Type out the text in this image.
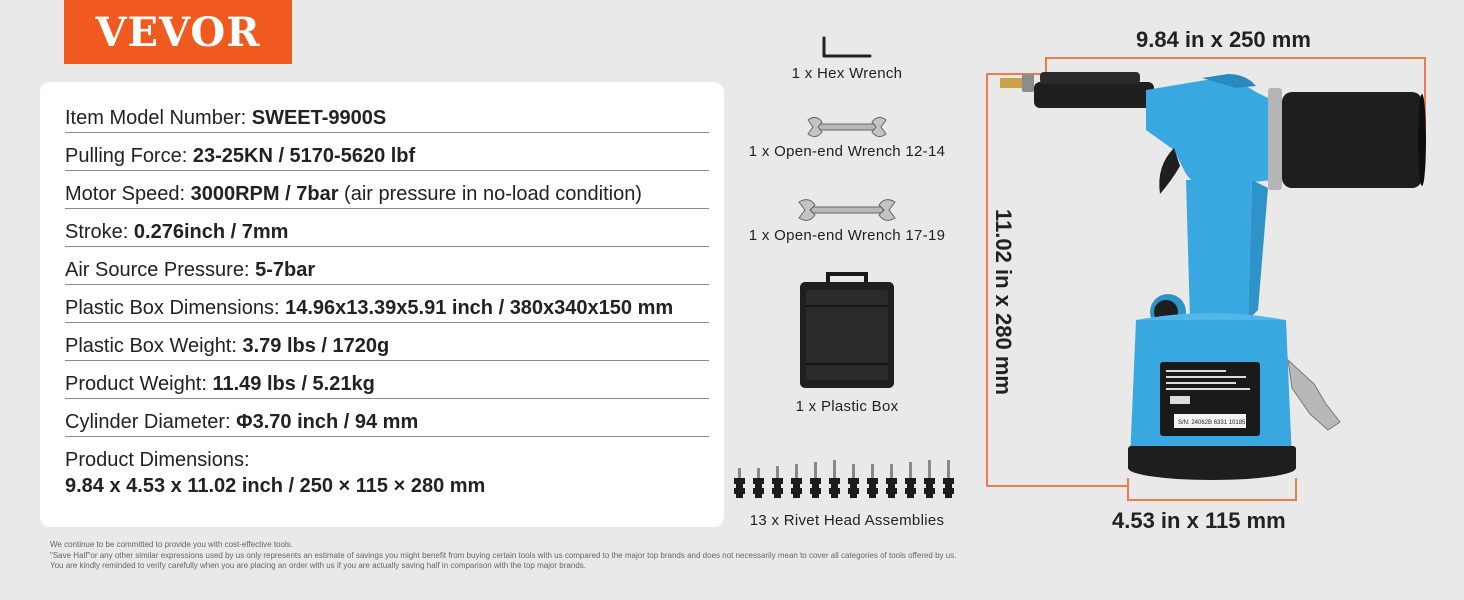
VEVOR
Item Model Number: SWEET-9900S
Pulling Force: 23-25KN / 5170-5620 lbf
Motor Speed: 3000RPM / 7bar (air pressure in no-load condition)
Stroke: 0.276inch / 7mm
Air Source Pressure: 5-7bar
Plastic Box Dimensions: 14.96x13.39x5.91 inch / 380x340x150 mm
Plastic Box Weight: 3.79 lbs / 1720g
Product Weight: 11.49 lbs / 5.21kg
Cylinder Diameter: Φ3.70 inch / 94 mm
Product Dimensions:
9.84 x 4.53 x 11.02 inch / 250 × 115 × 280 mm
1 x Hex Wrench
1 x Open-end Wrench 12-14
1 x Open-end Wrench 17-19
1 x Plastic Box
13 x Rivet Head Assemblies
9.84 in x 250 mm
4.53 in x 115 mm
11.02 in x 280 mm
S/N: 24062B 6331 10185
We continue to be committed to provide you with cost-effective tools.
"Save Half"or any other similar expressions used by us only represents an estimate of savings you might benefit from buying certain tools with us compared to the major top brands and does not necessarily mean to cover all categories of tools offered by us.
You are kindly reminded to verify carefully when you are placing an order with us if you are actually saving half in comparison with the top major brands.
